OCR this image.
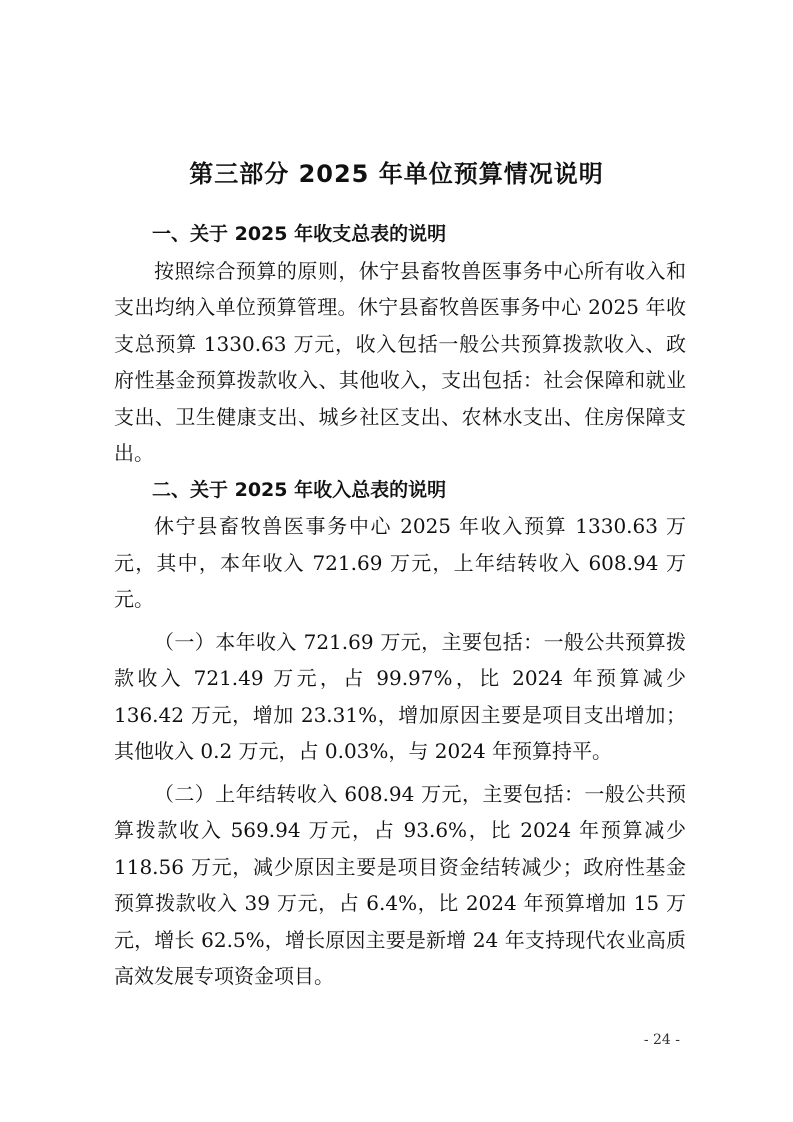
第三部分 2025 年单位预算情况说明
一、关于 2025 年收支总表的说明

按照综合预算的原则，休宁县畜牧兽医事务中心所有收入和支出均纳入单位预算管理。休宁县畜牧兽医事务中心 2025 年收支总预算 1330.63 万元，收入包括一般公共预算拨款收入、政府性基金预算拨款收入、其他收入，支出包括：社会保障和就业支出、卫生健康支出、城乡社区支出、农林水支出、住房保障支出。

二、关于 2025 年收入总表的说明

休宁县畜牧兽医事务中心 2025 年收入预算 1330.63 万元，其中，本年收入 721.69 万元，上年结转收入 608.94 万元。

（一）本年收入 721.69 万元，主要包括：一般公共预算拨款收入 721.49 万元，占 99.97%，比 2024 年预算减少 136.42 万元，增加 23.31%，增加原因主要是项目支出增加；其他收入 0.2 万元，占 0.03%，与 2024 年预算持平。

（二）上年结转收入 608.94 万元，主要包括：一般公共预算拨款收入 569.94 万元，占 93.6%，比 2024 年预算减少 118.56 万元，减少原因主要是项目资金结转减少；政府性基金预算拨款收入 39 万元，占 6.4%，比 2024 年预算增加 15 万元，增长 62.5%，增长原因主要是新增 24 年支持现代农业高质高效发展专项资金项目。

- 24 -
